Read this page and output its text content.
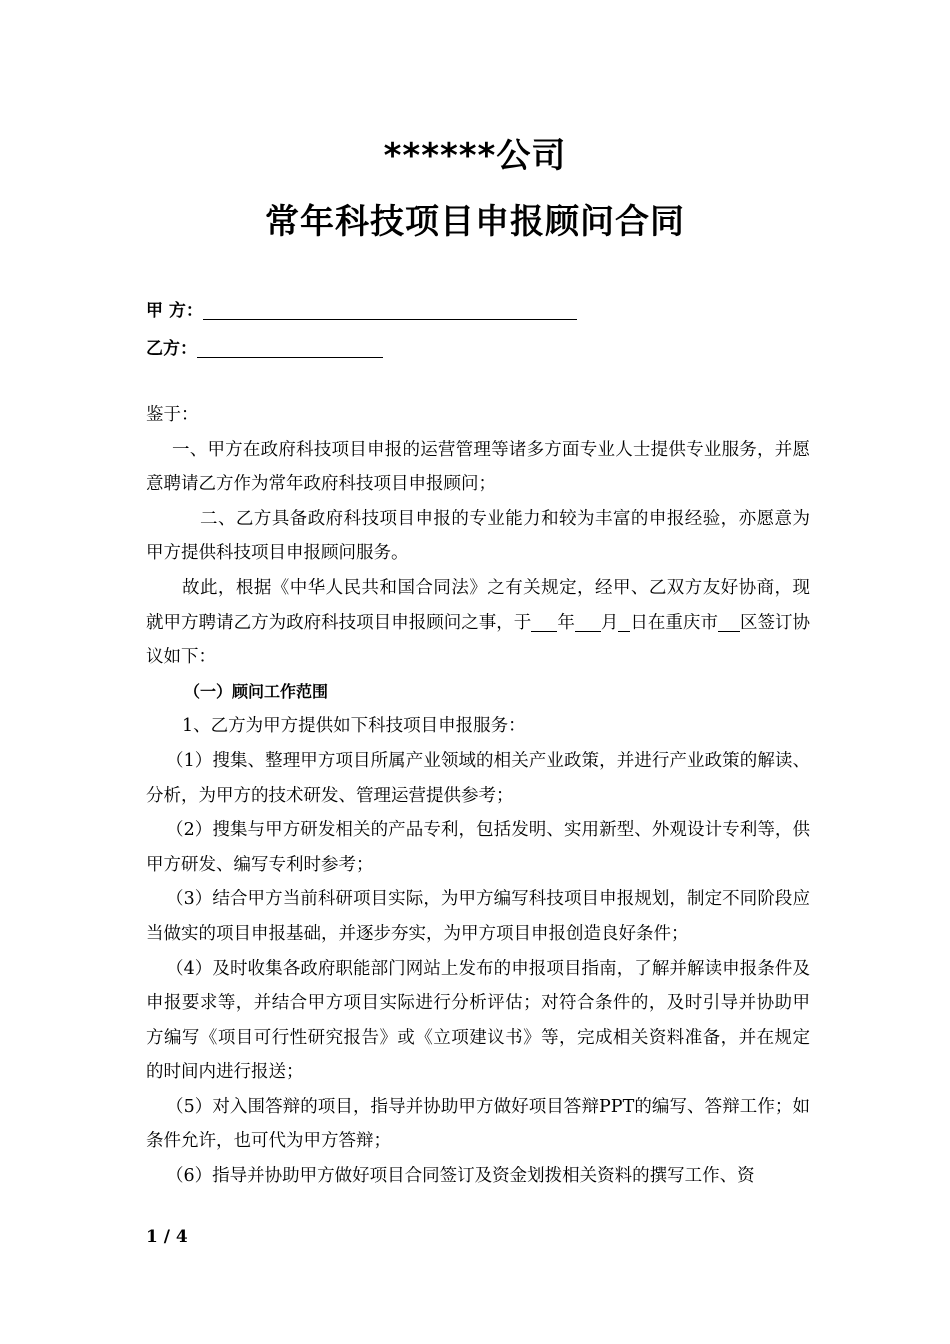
******公司
常年科技项目申报顾问合同
甲 方：
乙方：

鉴于：

一、甲方在政府科技项目申报的运营管理等诸多方面专业人士提供专业服务，并愿意聘请乙方作为常年政府科技项目申报顾问；

二、乙方具备政府科技项目申报的专业能力和较为丰富的申报经验，亦愿意为甲方提供科技项目申报顾问服务。

故此，根据《中华人民共和国合同法》之有关规定，经甲、乙双方友好协商，现就甲方聘请乙方为政府科技项目申报顾问之事，于 年 月 日在重庆市 区签订协议如下：

（一）顾问工作范围

1、乙方为甲方提供如下科技项目申报服务：

（1）搜集、整理甲方项目所属产业领域的相关产业政策，并进行产业政策的解读、分析，为甲方的技术研发、管理运营提供参考；

（2）搜集与甲方研发相关的产品专利，包括发明、实用新型、外观设计专利等，供甲方研发、编写专利时参考；

（3）结合甲方当前科研项目实际，为甲方编写科技项目申报规划，制定不同阶段应当做实的项目申报基础，并逐步夯实，为甲方项目申报创造良好条件；

（4）及时收集各政府职能部门网站上发布的申报项目指南，了解并解读申报条件及申报要求等，并结合甲方项目实际进行分析评估；对符合条件的，及时引导并协助甲方编写《项目可行性研究报告》或《立项建议书》等，完成相关资料准备，并在规定的时间内进行报送；

（5）对入围答辩的项目，指导并协助甲方做好项目答辩PPT的编写、答辩工作；如条件允许，也可代为甲方答辩；

（6）指导并协助甲方做好项目合同签订及资金划拨相关资料的撰写工作、资

1 / 4
